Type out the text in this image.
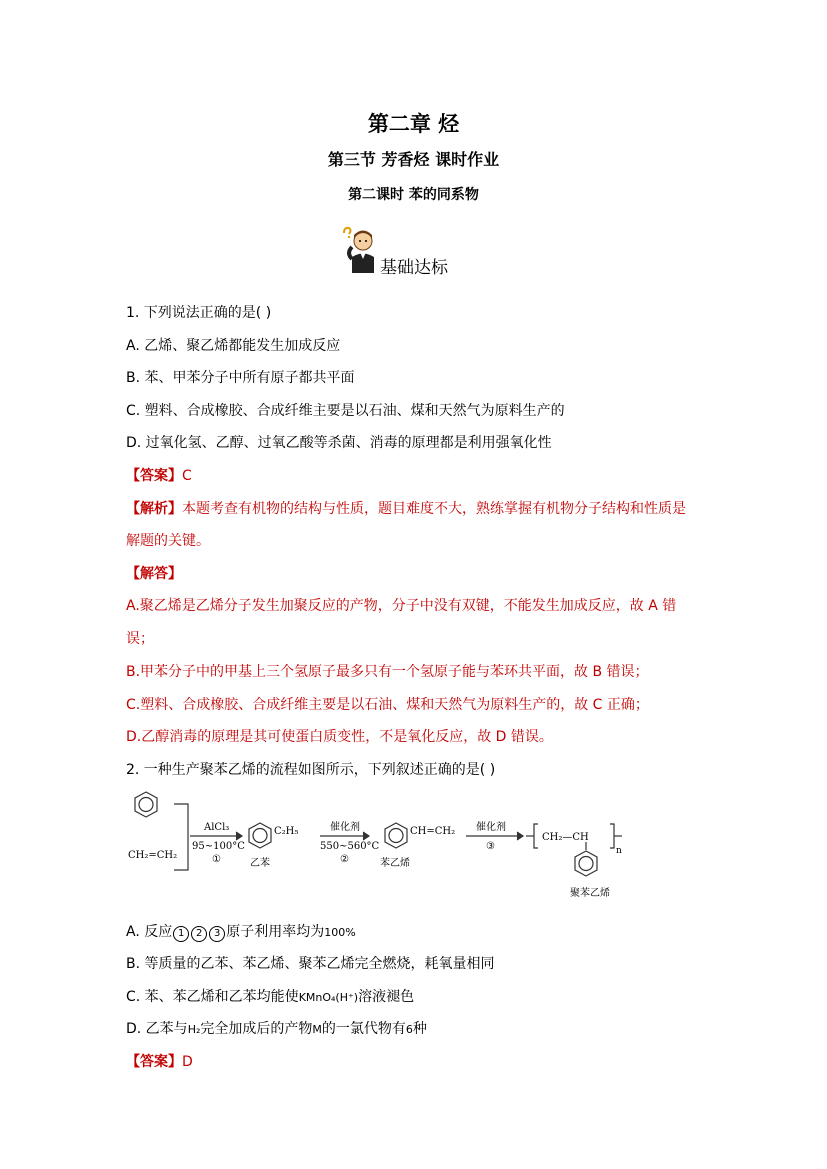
第二章 烃
第三节 芳香烃 课时作业
第二课时 苯的同系物
基础达标
1. 下列说法正确的是( )
A. 乙烯、聚乙烯都能发生加成反应
B. 苯、甲苯分子中所有原子都共平面
C. 塑料、合成橡胶、合成纤维主要是以石油、煤和天然气为原料生产的
D. 过氧化氢、乙醇、过氧乙酸等杀菌、消毒的原理都是利用强氧化性
【答案】C
【解析】本题考查有机物的结构与性质，题目难度不大，熟练掌握有机物分子结构和性质是
解题的关键。
【解答】
A.聚乙烯是乙烯分子发生加聚反应的产物，分子中没有双键，不能发生加成反应，故 A 错
误；
B.甲苯分子中的甲基上三个氢原子最多只有一个氢原子能与苯环共平面，故 B 错误；
C.塑料、合成橡胶、合成纤维主要是以石油、煤和天然气为原料生产的，故 C 正确；
D.乙醇消毒的原理是其可使蛋白质变性，不是氧化反应，故 D 错误。
2. 一种生产聚苯乙烯的流程如图所示，下列叙述正确的是( )
CH₂=CH₂
AlCl₃
95~100°C
①
C₂H₅
乙苯
催化剂
550~560°C
②
CH=CH₂
苯乙烯
催化剂
③
CH₂—CH
n
聚苯乙烯
A. 反应 1 2 3 原子利用率均为100%
B. 等质量的乙苯、苯乙烯、聚苯乙烯完全燃烧，耗氧量相同
C. 苯、苯乙烯和乙苯均能使KMnO₄(H⁺)溶液褪色
D. 乙苯与H₂完全加成后的产物M的一氯代物有6种
【答案】D
